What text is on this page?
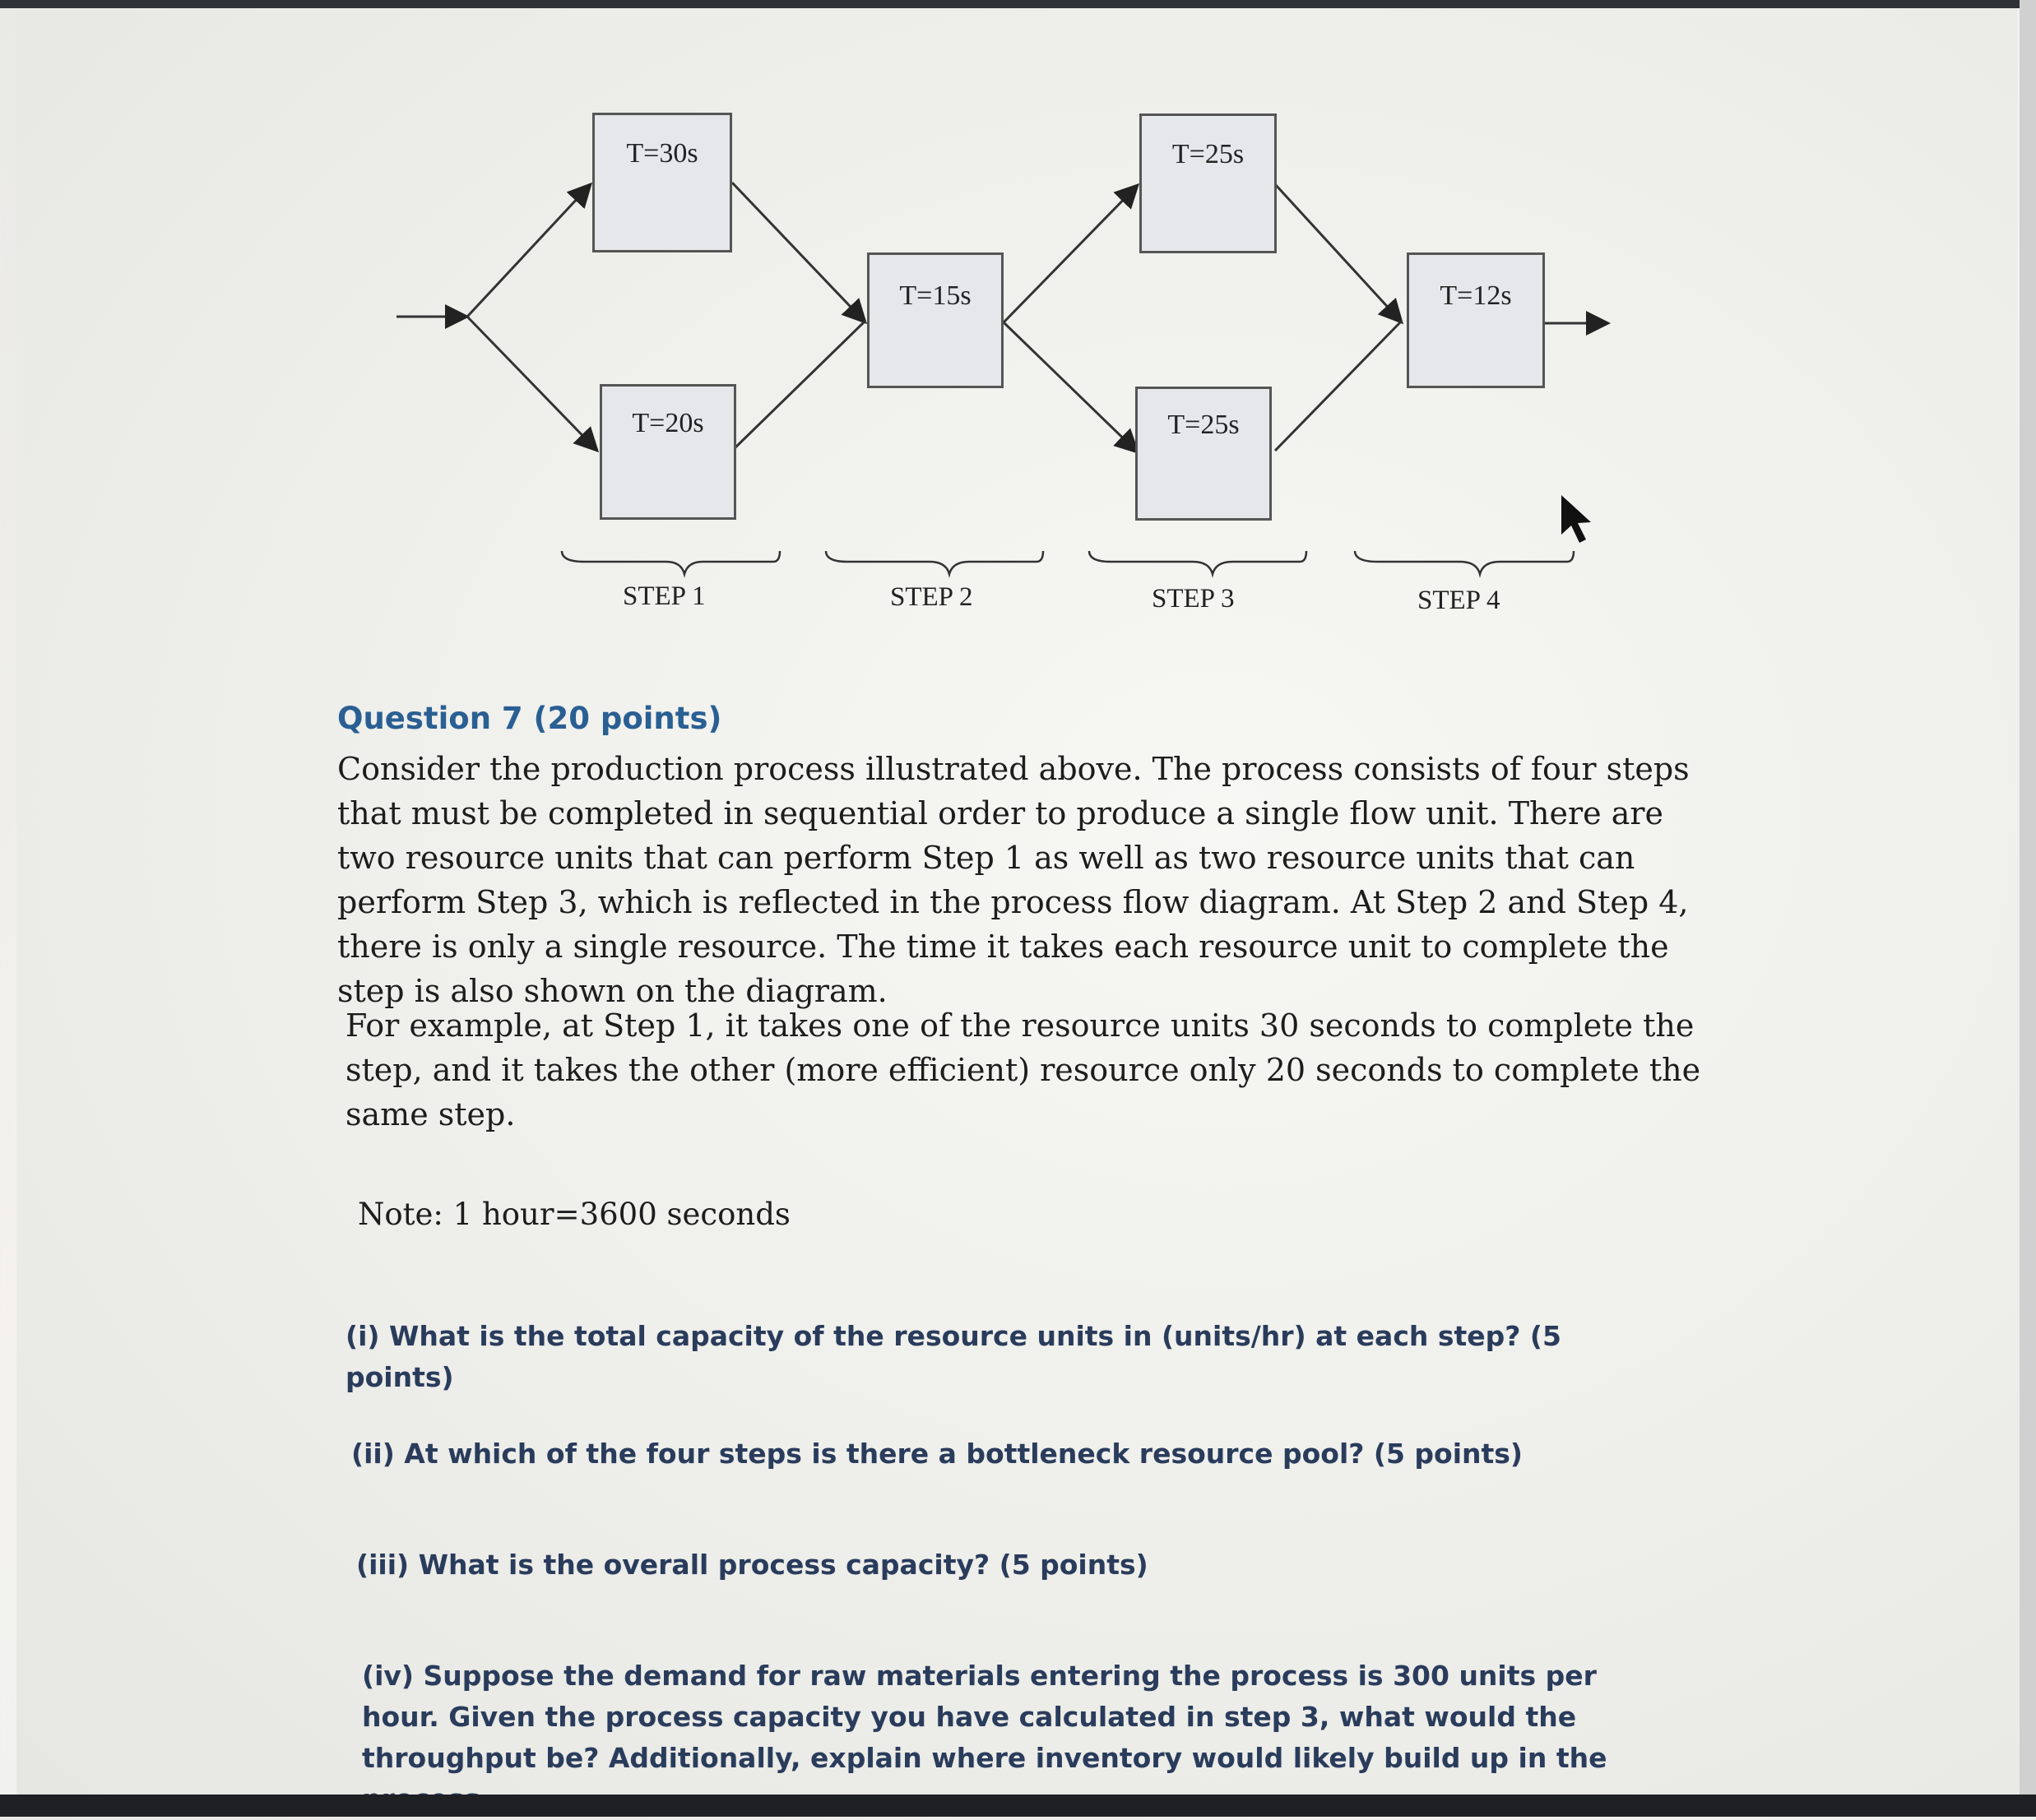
T=30s
T=20s
T=15s
T=25s
T=25s
T=12s
STEP 1	STEP 2	STEP 3	STEP 4
Question 7 (20 points)

Consider the production process illustrated above. The process consists of four steps that must be completed in sequential order to produce a single flow unit. There are two resource units that can perform Step 1 as well as two resource units that can perform Step 3, which is reflected in the process flow diagram. At Step 2 and Step 4, there is only a single resource. The time it takes each resource unit to complete the step is also shown on the diagram.

For example, at Step 1, it takes one of the resource units 30 seconds to complete the step, and it takes the other (more efficient) resource only 20 seconds to complete the same step.

Note: 1 hour=3600 seconds

(i) What is the total capacity of the resource units in (units/hr) at each step? (5 points)

(ii) At which of the four steps is there a bottleneck resource pool? (5 points)

(iii) What is the overall process capacity? (5 points)

(iv) Suppose the demand for raw materials entering the process is 300 units per hour. Given the process capacity you have calculated in step 3, what would the throughput be? Additionally, explain where inventory would likely build up in the
